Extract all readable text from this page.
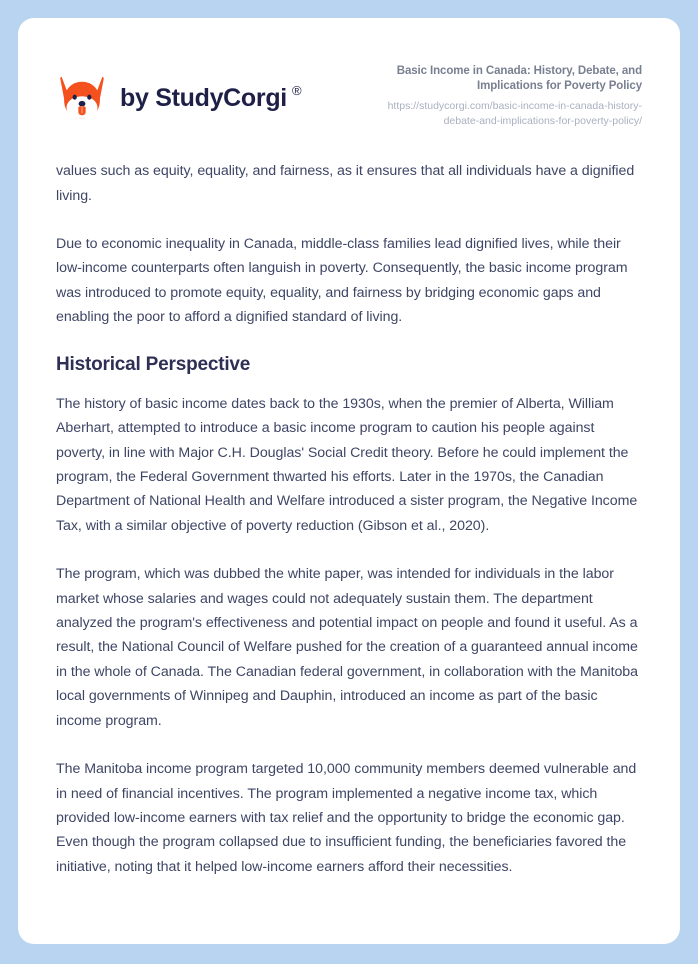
by StudyCorgi ®
Basic Income in Canada: History, Debate, and Implications for Poverty Policy
https://studycorgi.com/basic-income-in-canada-history-debate-and-implications-for-poverty-policy/

values such as equity, equality, and fairness, as it ensures that all individuals have a dignified living.

Due to economic inequality in Canada, middle-class families lead dignified lives, while their low-income counterparts often languish in poverty. Consequently, the basic income program was introduced to promote equity, equality, and fairness by bridging economic gaps and enabling the poor to afford a dignified standard of living.

Historical Perspective

The history of basic income dates back to the 1930s, when the premier of Alberta, William Aberhart, attempted to introduce a basic income program to caution his people against poverty, in line with Major C.H. Douglas' Social Credit theory. Before he could implement the program, the Federal Government thwarted his efforts. Later in the 1970s, the Canadian Department of National Health and Welfare introduced a sister program, the Negative Income Tax, with a similar objective of poverty reduction (Gibson et al., 2020).

The program, which was dubbed the white paper, was intended for individuals in the labor market whose salaries and wages could not adequately sustain them. The department analyzed the program's effectiveness and potential impact on people and found it useful. As a result, the National Council of Welfare pushed for the creation of a guaranteed annual income in the whole of Canada. The Canadian federal government, in collaboration with the Manitoba local governments of Winnipeg and Dauphin, introduced an income as part of the basic income program.

The Manitoba income program targeted 10,000 community members deemed vulnerable and in need of financial incentives. The program implemented a negative income tax, which provided low-income earners with tax relief and the opportunity to bridge the economic gap. Even though the program collapsed due to insufficient funding, the beneficiaries favored the initiative, noting that it helped low-income earners afford their necessities.
